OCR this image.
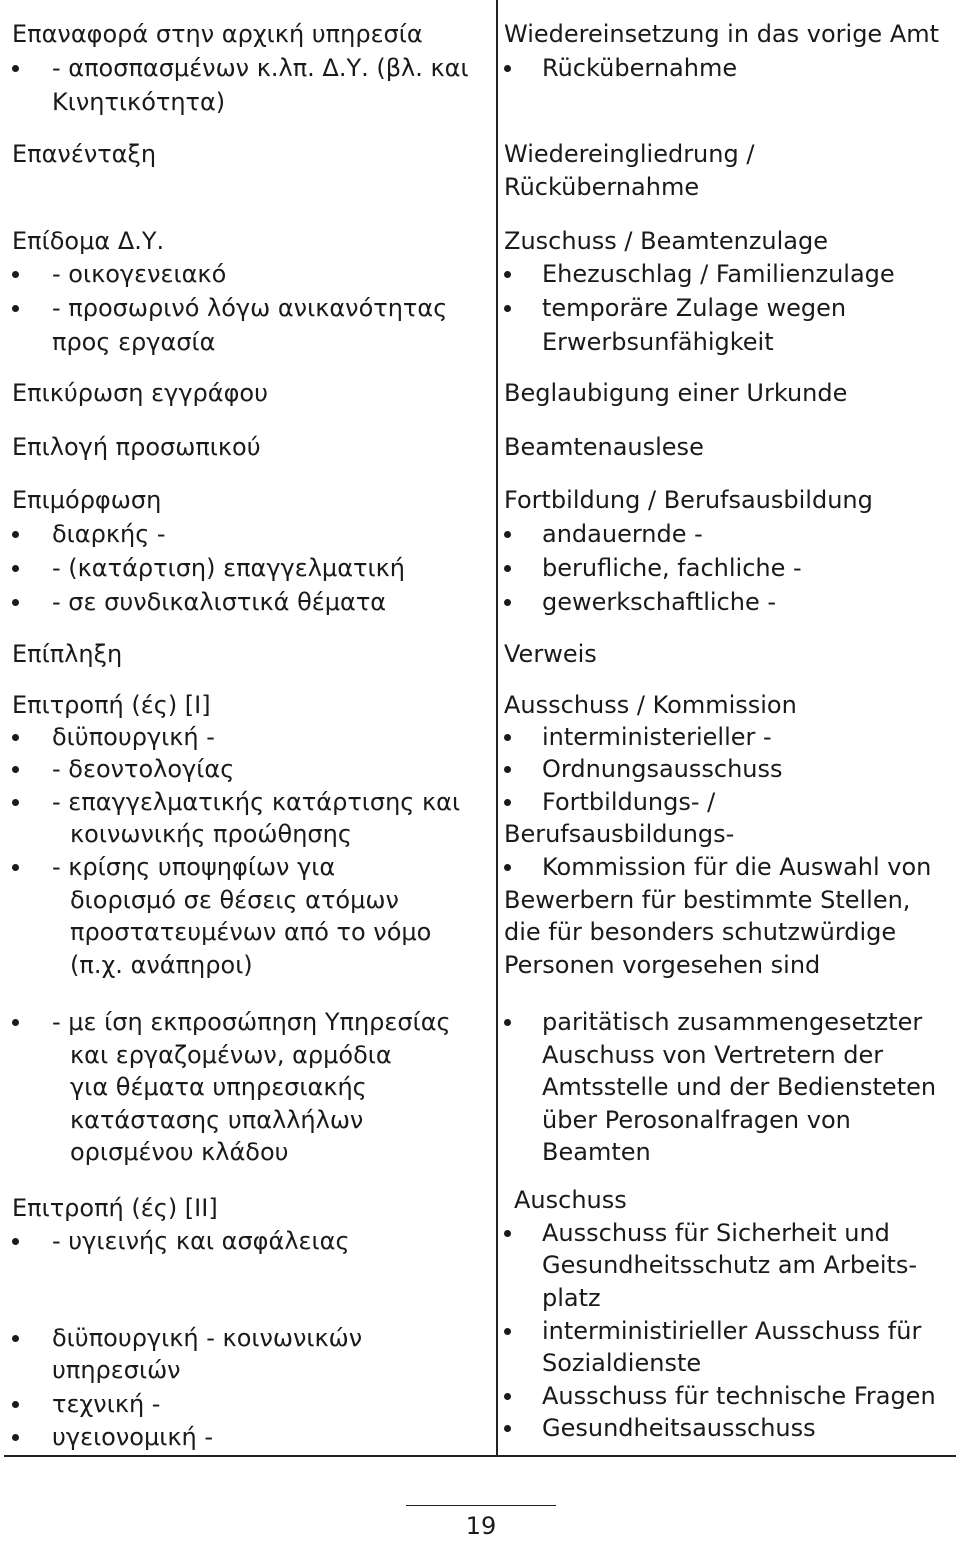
Επαναφορά στην αρχική υπηρεσία
- αποσπασμένων κ.λπ. Δ.Υ. (βλ. και
Κινητικότητα)
Επανένταξη
Επίδομα Δ.Υ.
- οικογενειακό
- προσωρινό λόγω ανικανότητας
προς εργασία
Επικύρωση εγγράφου
Επιλογή προσωπικού
Επιμόρφωση
διαρκής -
- (κατάρτιση) επαγγελματική
- σε συνδικαλιστικά θέματα
Επίπληξη
Επιτροπή (ές) [Ι]
διϋπουργική -
- δεοντολογίας
- επαγγελματικής κατάρτισης και
κοινωνικής προώθησης
- κρίσης υποψηφίων για
διορισμό σε θέσεις ατόμων
προστατευμένων από το νόμο
(π.χ. ανάπηροι)
- με ίση εκπροσώπηση Υπηρεσίας
και εργαζομένων, αρμόδια
για θέματα υπηρεσιακής
κατάστασης υπαλλήλων
ορισμένου κλάδου
Επιτροπή (ές) [ΙΙ]
- υγιεινής και ασφάλειας
διϋπουργική - κοινωνικών
υπηρεσιών
τεχνική -
υγειονομική -
Wiedereinsetzung in das vorige Amt
Rückübernahme
Wiedereingliedrung /
Rückübernahme
Zuschuss / Beamtenzulage
Ehezuschlag / Familienzulage
temporäre Zulage wegen
Erwerbsunfähigkeit
Beglaubigung einer Urkunde
Beamtenauslese
Fortbildung / Berufsausbildung
andauernde -
berufliche, fachliche -
gewerkschaftliche -
Verweis
Ausschuss / Kommission
interministerieller -
Ordnungsausschuss
Fortbildungs- /
Berufsausbildungs-
Kommission für die Auswahl von
Bewerbern für bestimmte Stellen,
die für besonders schutzwürdige
Personen vorgesehen sind
paritätisch zusammengesetzter
Auschuss von Vertretern der
Amtsstelle und der Bediensteten
über Perosonalfragen von
Beamten
Auschuss
Ausschuss für Sicherheit und
Gesundheitsschutz am Arbeits-
platz
interministirieller Ausschuss für
Sozialdienste
Ausschuss für technische Fragen
Gesundheitsausschuss
19
